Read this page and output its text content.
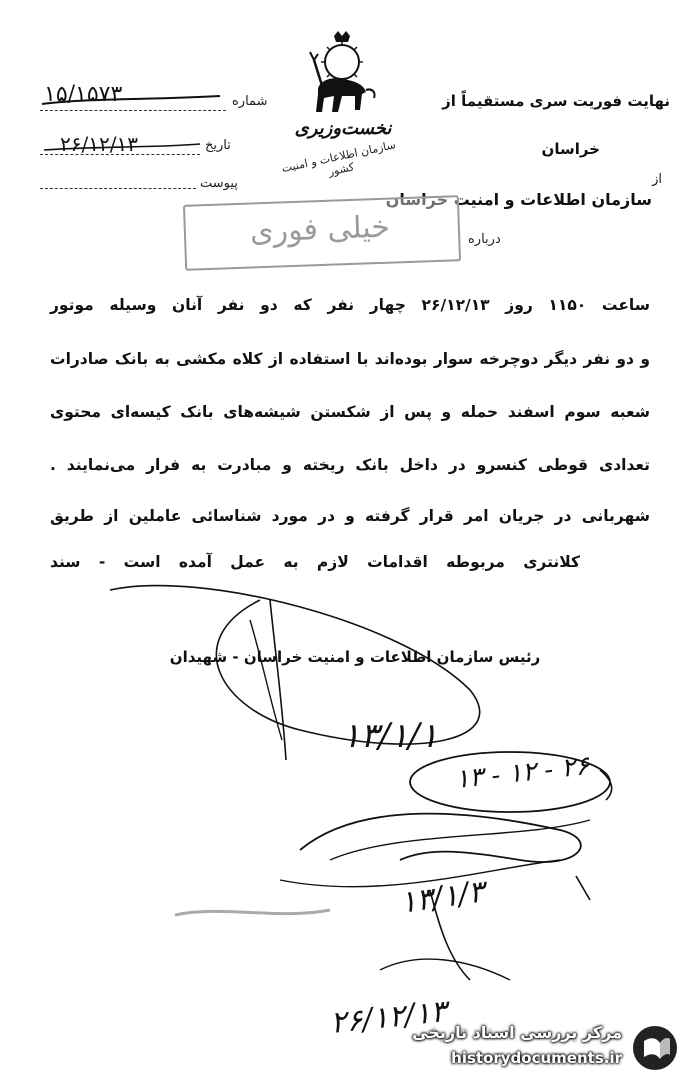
شماره
۱۵/۱۵۷۳
تاریخ
۲۶/۱۲/۱۳
پیوست
نخست‌وزیری
سازمان اطلاعات و امنیت کشور
نهایت فوریت سری مستقیماً از
خراسان
از
سازمان اطلاعات و امنیت خراسان
درباره
خیلی فوری
ساعت ۱۱۵۰ روز ۲۶/۱۲/۱۳ چهار نفر که دو نفر آنان وسیله موتور
و دو نفر دیگر دوچرخه سوار بوده‌اند با استفاده از کلاه مکشی به بانک صادرات
شعبه سوم اسفند حمله و پس از شکستن شیشه‌های بانک کیسه‌ای محتوی
تعدادی قوطی کنسرو در داخل بانک ریخته و مبادرت به فرار می‌نمایند .
شهربانی در جریان امر قرار گرفته و در مورد شناسائی عاملین از طریق
کلانتری مربوطه اقدامات لازم به عمل آمده است - سند
رئیس سازمان اطلاعات و امنیت خراسان - شهیدان
۱۳/۱/۱
۱۳ - ۱۲ - ۲۶
۱۳/۱/۳
۲۶/۱۲/۱۳
مرکز بررسی اسناد تاریخی
historydocuments.ir
